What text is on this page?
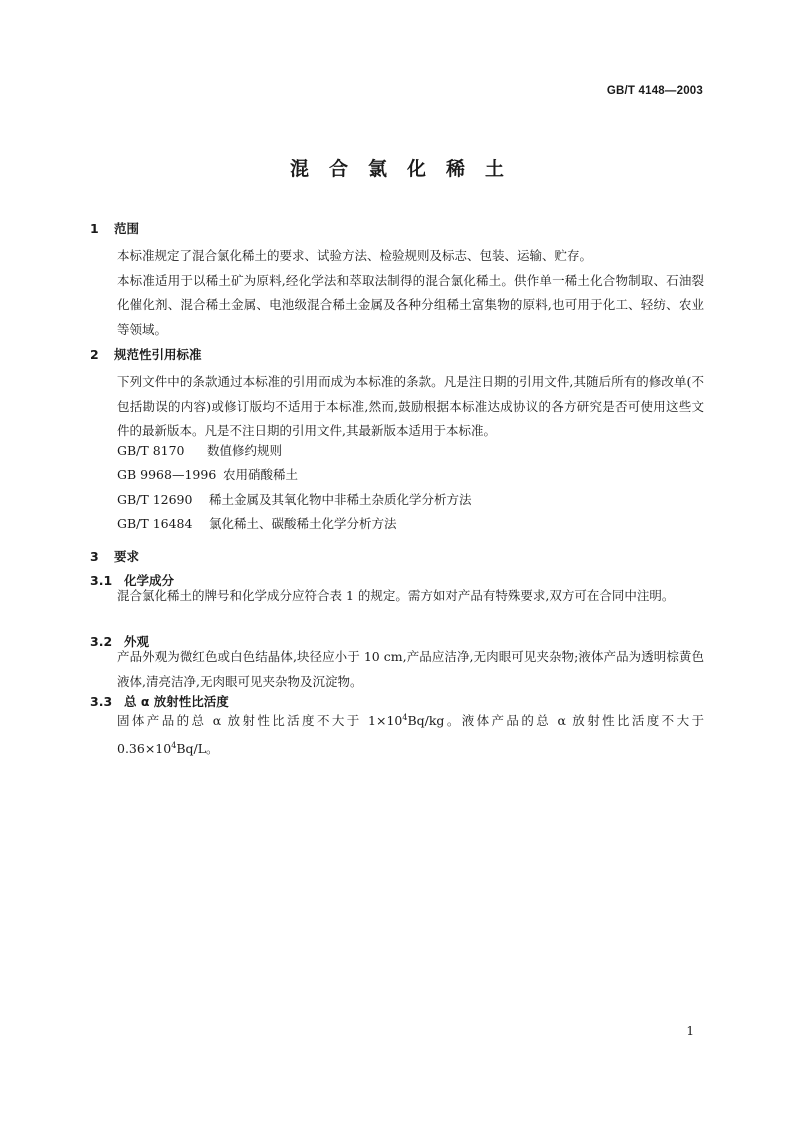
GB/T 4148—2003
混合氯化稀土
1 范围
本标准规定了混合氯化稀土的要求、试验方法、检验规则及标志、包装、运输、贮存。
本标准适用于以稀土矿为原料,经化学法和萃取法制得的混合氯化稀土。供作单一稀土化合物制取、石油裂化催化剂、混合稀土金属、电池级混合稀土金属及各种分组稀土富集物的原料,也可用于化工、轻纺、农业等领域。
2 规范性引用标准
下列文件中的条款通过本标准的引用而成为本标准的条款。凡是注日期的引用文件,其随后所有的修改单(不包括勘误的内容)或修订版均不适用于本标准,然而,鼓励根据本标准达成协议的各方研究是否可使用这些文件的最新版本。凡是不注日期的引用文件,其最新版本适用于本标准。
GB/T 8170 数值修约规则
GB 9968—1996 农用硝酸稀土
GB/T 12690 稀土金属及其氧化物中非稀土杂质化学分析方法
GB/T 16484 氯化稀土、碳酸稀土化学分析方法
3 要求
3.1 化学成分
混合氯化稀土的牌号和化学成分应符合表 1 的规定。需方如对产品有特殊要求,双方可在合同中注明。
3.2 外观
产品外观为微红色或白色结晶体,块径应小于 10 cm,产品应洁净,无肉眼可见夹杂物;液体产品为透明棕黄色液体,清亮洁净,无肉眼可见夹杂物及沉淀物。
3.3 总 α 放射性比活度
固体产品的总 α 放射性比活度不大于 $1\times 10^4Bq/kg$。液体产品的总 α 放射性比活度不大于 $0.36\times 10^4Bq/L$。
1
